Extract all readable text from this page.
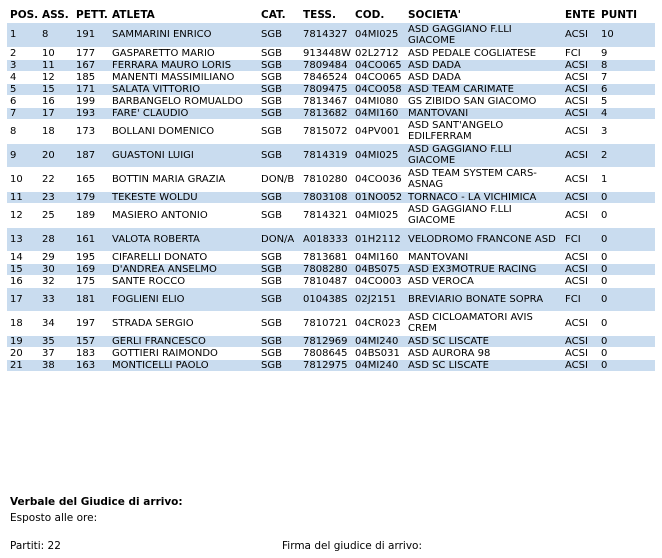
POS.	ASS.	PETT.	ATLETA	CAT.	TESS.	COD.	SOCIETA'	ENTE	PUNTI
1	8	191	SAMMARINI ENRICO	SGB	7814327	04MI025	ASD GAGGIANO F.LLI GIACOME	ACSI	10
2	10	177	GASPARETTO MARIO	SGB	913448W	02L2712	ASD PEDALE COGLIATESE	FCI	9
3	11	167	FERRARA MAURO LORIS	SGB	7809484	04CO065	ASD DADA	ACSI	8
4	12	185	MANENTI MASSIMILIANO	SGB	7846524	04CO065	ASD DADA	ACSI	7
5	15	171	SALATA VITTORIO	SGB	7809475	04CO058	ASD TEAM CARIMATE	ACSI	6
6	16	199	BARBANGELO ROMUALDO	SGB	7813467	04MI080	GS ZIBIDO SAN GIACOMO	ACSI	5
7	17	193	FARE' CLAUDIO	SGB	7813682	04MI160	MANTOVANI	ACSI	4
8	18	173	BOLLANI DOMENICO	SGB	7815072	04PV001	ASD SANT'ANGELO EDILFERRAM	ACSI	3
9	20	187	GUASTONI LUIGI	SGB	7814319	04MI025	ASD GAGGIANO F.LLI GIACOME	ACSI	2
10	22	165	BOTTIN MARIA GRAZIA	DON/B	7810280	04CO036	ASD TEAM SYSTEM CARS-ASNAG	ACSI	1
11	23	179	TEKESTE WOLDU	SGB	7803108	01NO052	TORNACO - LA VICHIMICA	ACSI	0
12	25	189	MASIERO ANTONIO	SGB	7814321	04MI025	ASD GAGGIANO F.LLI GIACOME	ACSI	0
13	28	161	VALOTA ROBERTA	DON/A	A018333	01H2112	VELODROMO FRANCONE ASD	FCI	0
14	29	195	CIFARELLI DONATO	SGB	7813681	04MI160	MANTOVANI	ACSI	0
15	30	169	D'ANDREA ANSELMO	SGB	7808280	04BS075	ASD EX3MOTRUE RACING	ACSI	0
16	32	175	SANTE ROCCO	SGB	7810487	04CO003	ASD VEROCA	ACSI	0
17	33	181	FOGLIENI ELIO	SGB	010438S	02J2151	BREVIARIO BONATE SOPRA	FCI	0
18	34	197	STRADA SERGIO	SGB	7810721	04CR023	ASD CICLOAMATORI AVIS CREM	ACSI	0
19	35	157	GERLI FRANCESCO	SGB	7812969	04MI240	ASD SC LISCATE	ACSI	0
20	37	183	GOTTIERI RAIMONDO	SGB	7808645	04BS031	ASD AURORA 98	ACSI	0
21	38	163	MONTICELLI PAOLO	SGB	7812975	04MI240	ASD SC LISCATE	ACSI	0
Verbale del Giudice di arrivo:
Esposto alle ore:
Partiti: 22	Firma del giudice di arrivo:
